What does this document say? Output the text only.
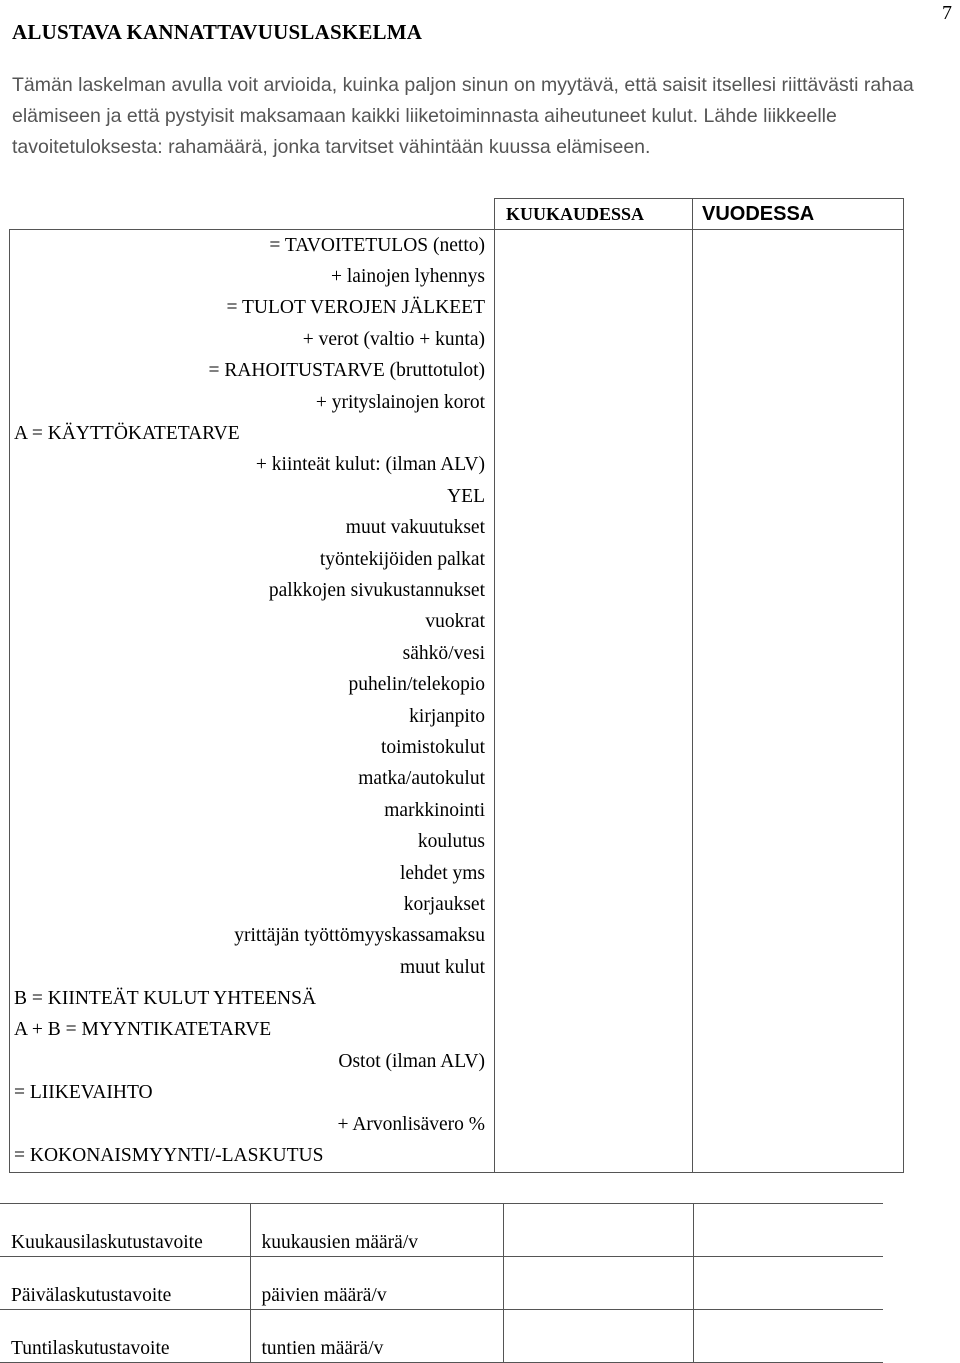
7
ALUSTAVA KANNATTAVUUSLASKELMA
Tämän laskelman avulla voit arvioida, kuinka paljon sinun on myytävä, että saisit itsellesi riittävästi rahaa elämiseen ja että pystyisit maksamaan kaikki liiketoiminnasta aiheutuneet kulut. Lähde liikkeelle tavoitetuloksesta: rahamäärä, jonka tarvitset vähintään kuussa elämiseen.
	KUUKAUDESSA	VUODESSA
= TAVOITETULOS (netto)		
+ lainojen lyhennys		
= TULOT VEROJEN JÄLKEET		
+ verot (valtio + kunta)		
= RAHOITUSTARVE (bruttotulot)		
+ yrityslainojen korot		
A = KÄYTTÖKATETARVE		
+ kiinteät kulut: (ilman ALV)		
YEL		
muut vakuutukset		
työntekijöiden palkat		
palkkojen sivukustannukset		
vuokrat		
sähkö/vesi		
puhelin/telekopio		
kirjanpito		
toimistokulut		
matka/autokulut		
markkinointi		
koulutus		
lehdet yms		
korjaukset		
yrittäjän työttömyyskassamaksu		
muut kulut		
B = KIINTEÄT KULUT YHTEENSÄ		
A + B = MYYNTIKATETARVE		
Ostot (ilman ALV)		
= LIIKEVAIHTO		
+ Arvonlisävero %		
= KOKONAISMYYNTI/-LASKUTUS		
Kuukausilaskutustavoite	kuukausien määrä/v		
Päivälaskutustavoite	päivien määrä/v		
Tuntilaskutustavoite	tuntien määrä/v		
